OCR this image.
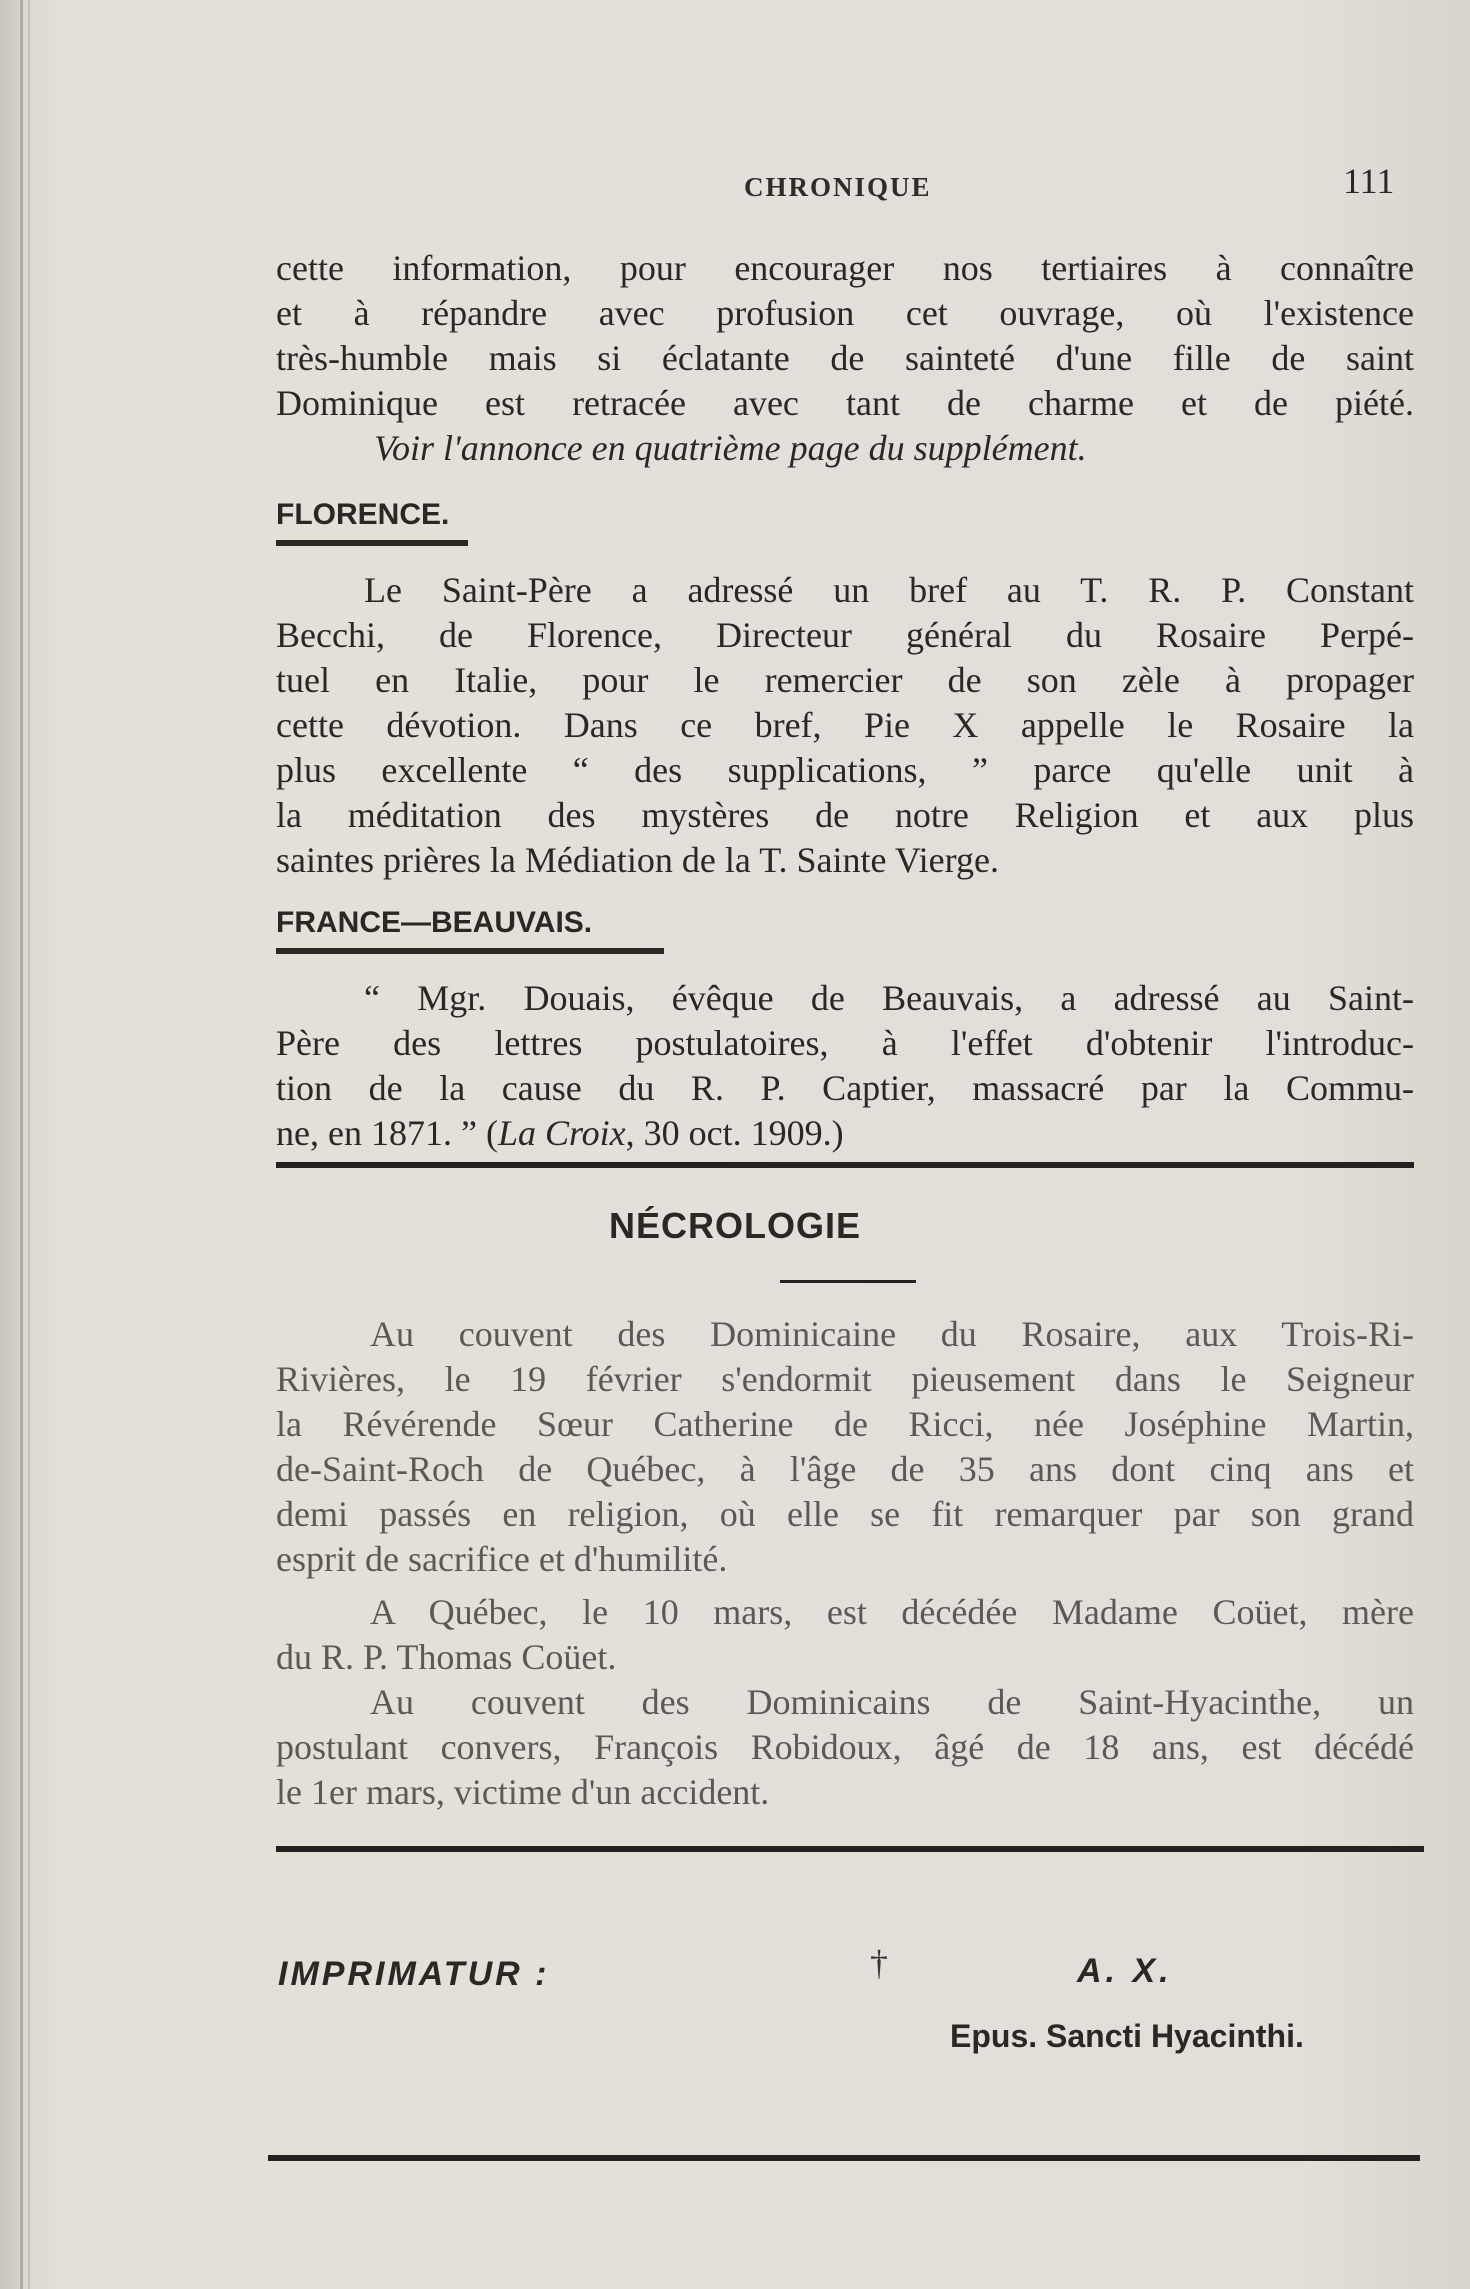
CHRONIQUE	111
cette information, pour encourager nos tertiaires à connaître
et à répandre avec profusion cet ouvrage, où l'existence
très-humble mais si éclatante de sainteté d'une fille de saint
Dominique est retracée avec tant de charme et de piété.
Voir l'annonce en quatrième page du supplément.
FLORENCE.
Le Saint-Père a adressé un bref au T. R. P. Constant
Becchi, de Florence, Directeur général du Rosaire Perpé-
tuel en Italie, pour le remercier de son zèle à propager
cette dévotion. Dans ce bref, Pie X appelle le Rosaire la
plus excellente “ des supplications, ” parce qu'elle unit à
la méditation des mystères de notre Religion et aux plus
saintes prières la Médiation de la T. Sainte Vierge.
FRANCE—BEAUVAIS.
“ Mgr. Douais, évêque de Beauvais, a adressé au Saint-
Père des lettres postulatoires, à l'effet d'obtenir l'introduc-
tion de la cause du R. P. Captier, massacré par la Commu-
ne, en 1871. ” (La Croix, 30 oct. 1909.)
NÉCROLOGIE
Au couvent des Dominicaine du Rosaire, aux Trois-Ri-
Rivières, le 19 février s'endormit pieusement dans le Seigneur
la Révérende Sœur Catherine de Ricci, née Joséphine Martin,
de-Saint-Roch de Québec, à l'âge de 35 ans dont cinq ans et
demi passés en religion, où elle se fit remarquer par son grand
esprit de sacrifice et d'humilité.
A Québec, le 10 mars, est décédée Madame Coüet, mère
du R. P. Thomas Coüet.
Au couvent des Dominicains de Saint-Hyacinthe, un
postulant convers, François Robidoux, âgé de 18 ans, est décédé
le 1er mars, victime d'un accident.
IMPRIMATUR :	†	A. X.
Epus. Sancti Hyacinthi.
